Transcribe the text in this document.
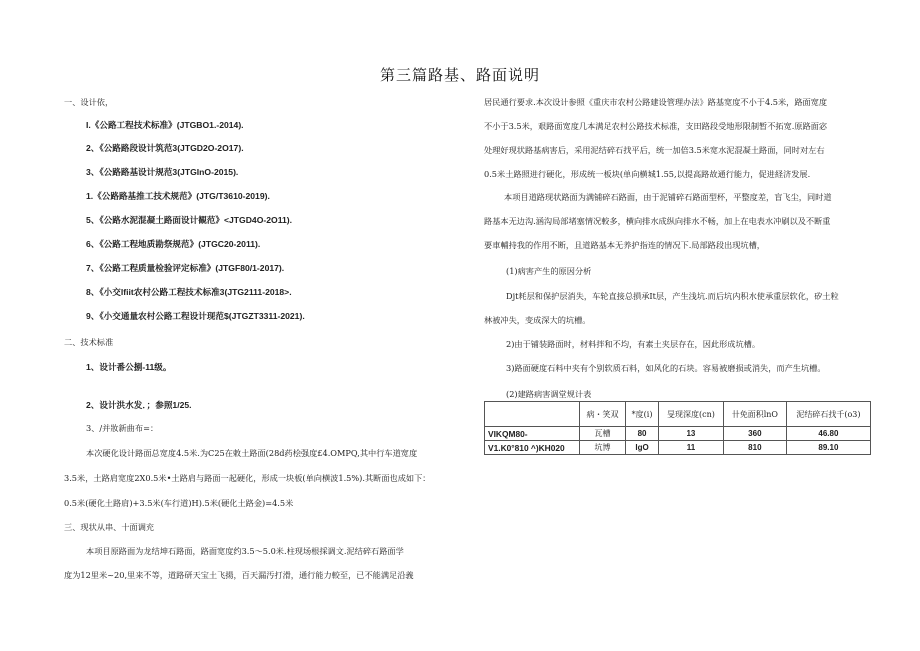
第三篇路基、路面说明
一、设计依，
I.《公路工程技术标准》(JTGBO1.-2014).
2、《公路路段设计筑范3(JTGD2O-2O17).
3、《公路路基设计规范3(JTGInO-2015).
1.《公路路基推工技术规范》(JTG/T3610-2019).
5、《公路水泥混凝土路面设计観范》<JTGD4O-2O11).
6、《公路工程地质勘祭规范》(JTGC20-2011).
7、《公路工程质量检验评定标准》(JTGF80/1-2017).
8、《小交lfiit农村公路工程技术标准3(JTG2111-2018>.
9、《小交通量农村公路工程设计现范$(JTGZT3311-2021).
二、技术标准
1、设计番公捌-11级。
2、设计洪水发．；参照1/25.
3、/并妝新曲布=：
本次硬化设计路面总宽度4.5米.为C25在敕土路面(28d药桧强度£4.OMPQ,其中行车道宽度
3.5米，土路肩宽度2X0.5米•土路肩与路面一起硬化，形成一块板(单向横波1.5%).其断面也成如下：
0.5米(硬化土路肩)+3.5米(车行道)H).5米(硬化土路金)=4.5米
三、现状从串、十面调充
本项目原路面为龙结坤石路面，路面宽度约3.5～5.0米.柱现场根採调文.泥结碎石路面学
度为12里米~20,里来不等，道路研天宝土飞揚，百天漏汚打滑，通行能力較至，已不能满足沿義
居民通行要求.本次设计参照《重庆市农村公路建设管理办法》路基宽度不小于4.5米，路面宽度
不小于3.5米，艰路面宽度几本满足农村公路技术标准，支田路段受地形限制暂不拓宽.原路面宓
处理好现状路基病害后，采用泥结碎石找平后，统一加倍3.5米宽水泥混凝土路面，同时对左右
0.5米土路照进行硬化，形成统一板块(单向横城1.55,以提高路故通行能力，促进経济发展.
本项目道路现状路面为满铺碎石路面，由于泥铺碎石路面型杯，平整度差，盲飞尘，同时道
路基本无边沟.涵沟局部堵塞情况較多，横向排水成纵向排水不畅，加上在电表水冲刷以及不断重
要車輔持我的作用不断，且道路基本无养护指连的情况下.局部路段出现坑槽，
(1)病害产生的原因分析
Djt耗层和保护层消失，车轮直接总損承It层，产生浅坑.而后坑内积水使承重层软化，矽土粒
林被冲失，变成深大的坑槽。
2)由于铺装路面时，材料拌和不均，有素土夹层存在，因此形成坑槽。
3)路面硬度石料中夹有个别软质石料，如风化的石块。容易被磨损或消失，而产生坑槽。
(2)建路病害调堂规计表
	病・笑双	*度(i)	旻现深度(cn)	卄免面积lnO	泥结碎石找千(o3)
VIKQM80-	瓦槽	80	13	360	46.80
V1.K0°810 ^)KH020	坑博	IgO	11	810	89.10
